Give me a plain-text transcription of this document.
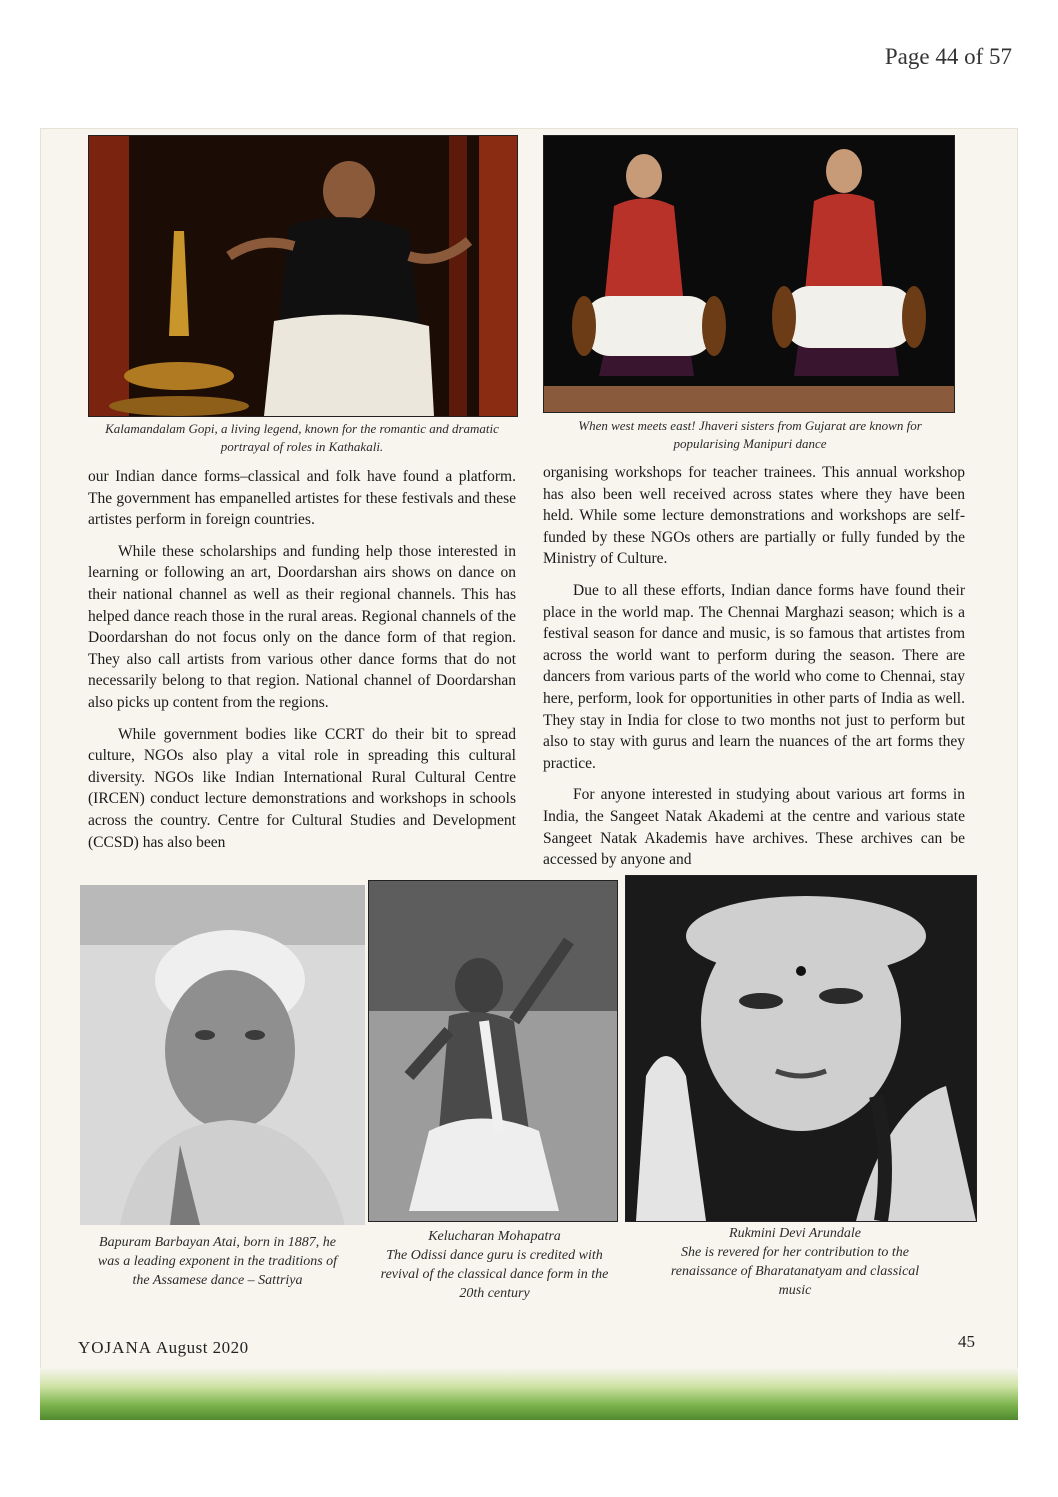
Page 44 of 57
Kalamandalam Gopi, a living legend, known for the romantic and dramatic portrayal of roles in Kathakali.
When west meets east! Jhaveri sisters from Gujarat are known for popularising Manipuri dance

our Indian dance forms–classical and folk have found a platform. The government has empanelled artistes for these festivals and these artistes perform in foreign countries.

While these scholarships and funding help those interested in learning or following an art, Doordarshan airs shows on dance on their national channel as well as their regional channels. This has helped dance reach those in the rural areas. Regional channels of the Doordarshan do not focus only on the dance form of that region. They also call artists from various other dance forms that do not necessarily belong to that region. National channel of Doordarshan also picks up content from the regions.

While government bodies like CCRT do their bit to spread culture, NGOs also play a vital role in spreading this cultural diversity. NGOs like Indian International Rural Cultural Centre (IRCEN) conduct lecture demonstrations and workshops in schools across the country. Centre for Cultural Studies and Development (CCSD) has also been

organising workshops for teacher trainees. This annual workshop has also been well received across states where they have been held. While some lecture demonstrations and workshops are self-funded by these NGOs others are partially or fully funded by the Ministry of Culture.

Due to all these efforts, Indian dance forms have found their place in the world map. The Chennai Marghazi season; which is a festival season for dance and music, is so famous that artistes from across the world want to perform during the season. There are dancers from various parts of the world who come to Chennai, stay here, perform, look for opportunities in other parts of India as well. They stay in India for close to two months not just to perform but also to stay with gurus and learn the nuances of the art forms they practice.

For anyone interested in studying about various art forms in India, the Sangeet Natak Akademi at the centre and various state Sangeet Natak Akademis have archives. These archives can be accessed by anyone and

Bapuram Barbayan Atai, born in 1887, he was a leading exponent in the traditions of the Assamese dance – Sattriya
Kelucharan Mohapatra
The Odissi dance guru is credited with revival of the classical dance form in the 20th century
Rukmini Devi Arundale
She is revered for her contribution to the renaissance of Bharatanatyam and classical music
YOJANA August 2020	45
